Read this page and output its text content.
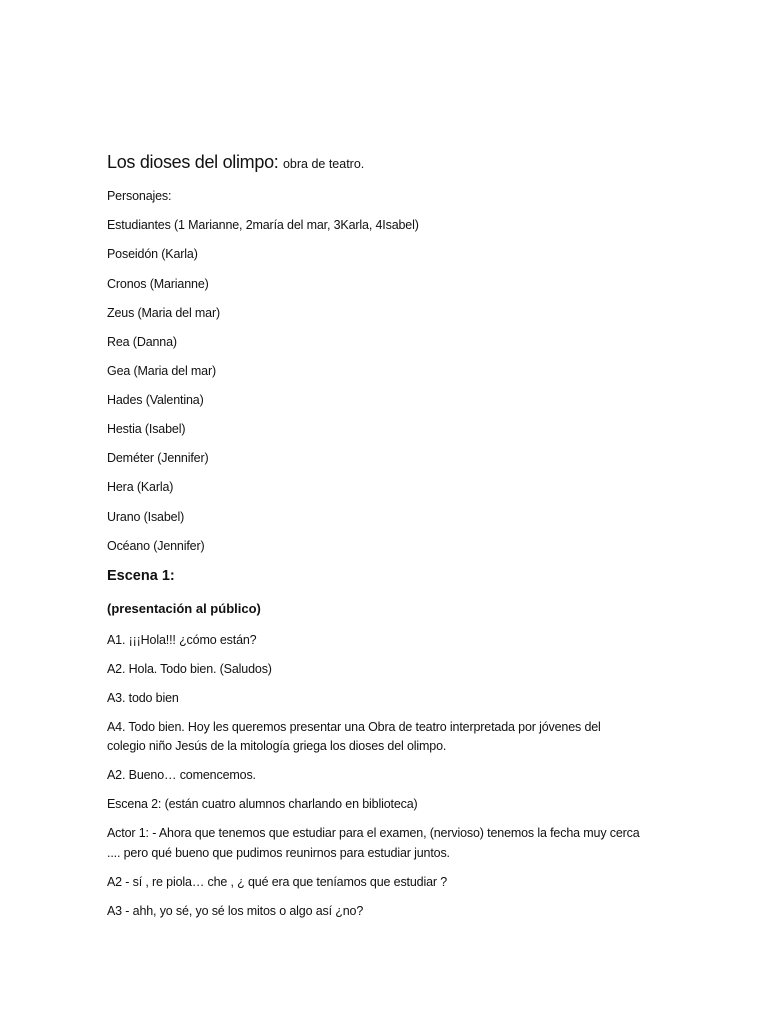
Los dioses del olimpo: obra de teatro.
Personajes:
Estudiantes (1 Marianne, 2maría del mar, 3Karla, 4Isabel)
Poseidón (Karla)
Cronos (Marianne)
Zeus (Maria del mar)
Rea (Danna)
Gea (Maria del mar)
Hades (Valentina)
Hestia (Isabel)
Deméter (Jennifer)
Hera (Karla)
Urano (Isabel)
Océano (Jennifer)
Escena 1:
(presentación al público)
A1. ¡¡¡Hola!!! ¿cómo están?
A2. Hola. Todo bien. (Saludos)
A3. todo bien
A4. Todo bien. Hoy les queremos presentar una Obra de teatro interpretada por jóvenes del
colegio niño Jesús de la mitología griega los dioses del olimpo.
A2. Bueno… comencemos.
Escena 2: (están cuatro alumnos charlando en biblioteca)
Actor 1: - Ahora que tenemos que estudiar para el examen, (nervioso) tenemos la fecha muy cerca
.... pero qué bueno que pudimos reunirnos para estudiar juntos.
A2 - sí , re piola… che , ¿ qué era que teníamos que estudiar ?
A3 - ahh, yo sé, yo sé los mitos o algo así ¿no?
